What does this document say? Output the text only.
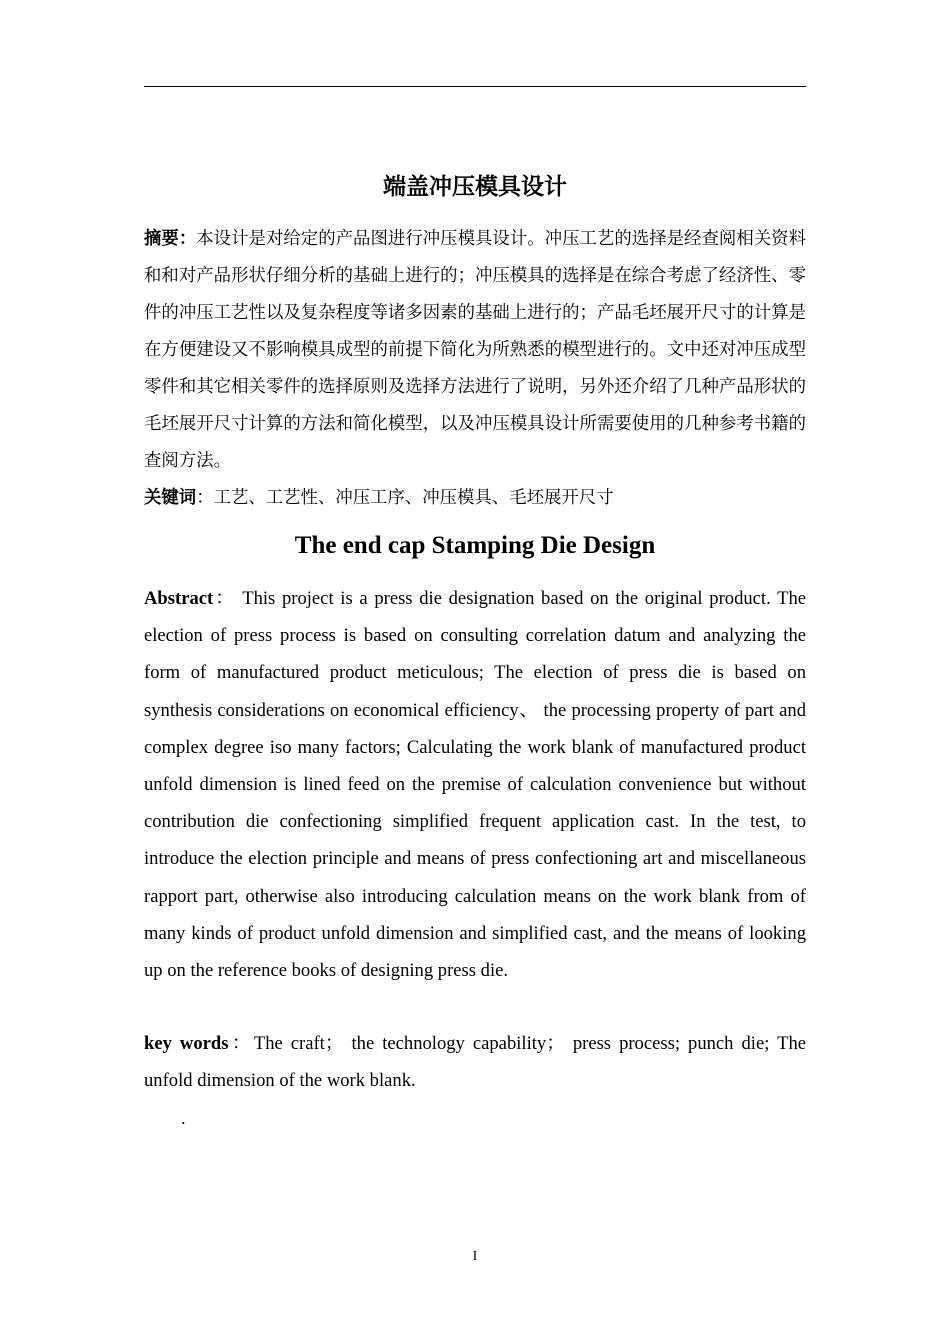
端盖冲压模具设计

摘要：本设计是对给定的产品图进行冲压模具设计。冲压工艺的选择是经查阅相关资料和和对产品形状仔细分析的基础上进行的；冲压模具的选择是在综合考虑了经济性、零件的冲压工艺性以及复杂程度等诸多因素的基础上进行的；产品毛坯展开尺寸的计算是在方便建设又不影响模具成型的前提下简化为所熟悉的模型进行的。文中还对冲压成型零件和其它相关零件的选择原则及选择方法进行了说明，另外还介绍了几种产品形状的毛坯展开尺寸计算的方法和简化模型，以及冲压模具设计所需要使用的几种参考书籍的查阅方法。

关键词：工艺、工艺性、冲压工序、冲压模具、毛坯展开尺寸

The end cap Stamping Die Design

Abstract： This project is a press die designation based on the original product. The election of press process is based on consulting correlation datum and analyzing the form of manufactured product meticulous; The election of press die is based on synthesis considerations on economical efficiency、 the processing property of part and complex degree iso many factors; Calculating the work blank of manufactured product unfold dimension is lined feed on the premise of calculation convenience but without contribution die confectioning simplified frequent application cast. In the test, to introduce the election principle and means of press confectioning art and miscellaneous rapport part, otherwise also introducing calculation means on the work blank from of many kinds of product unfold dimension and simplified cast, and the means of looking up on the reference books of designing press die.

key words：The craft； the technology capability； press process; punch die; The unfold dimension of the work blank.

.
I
